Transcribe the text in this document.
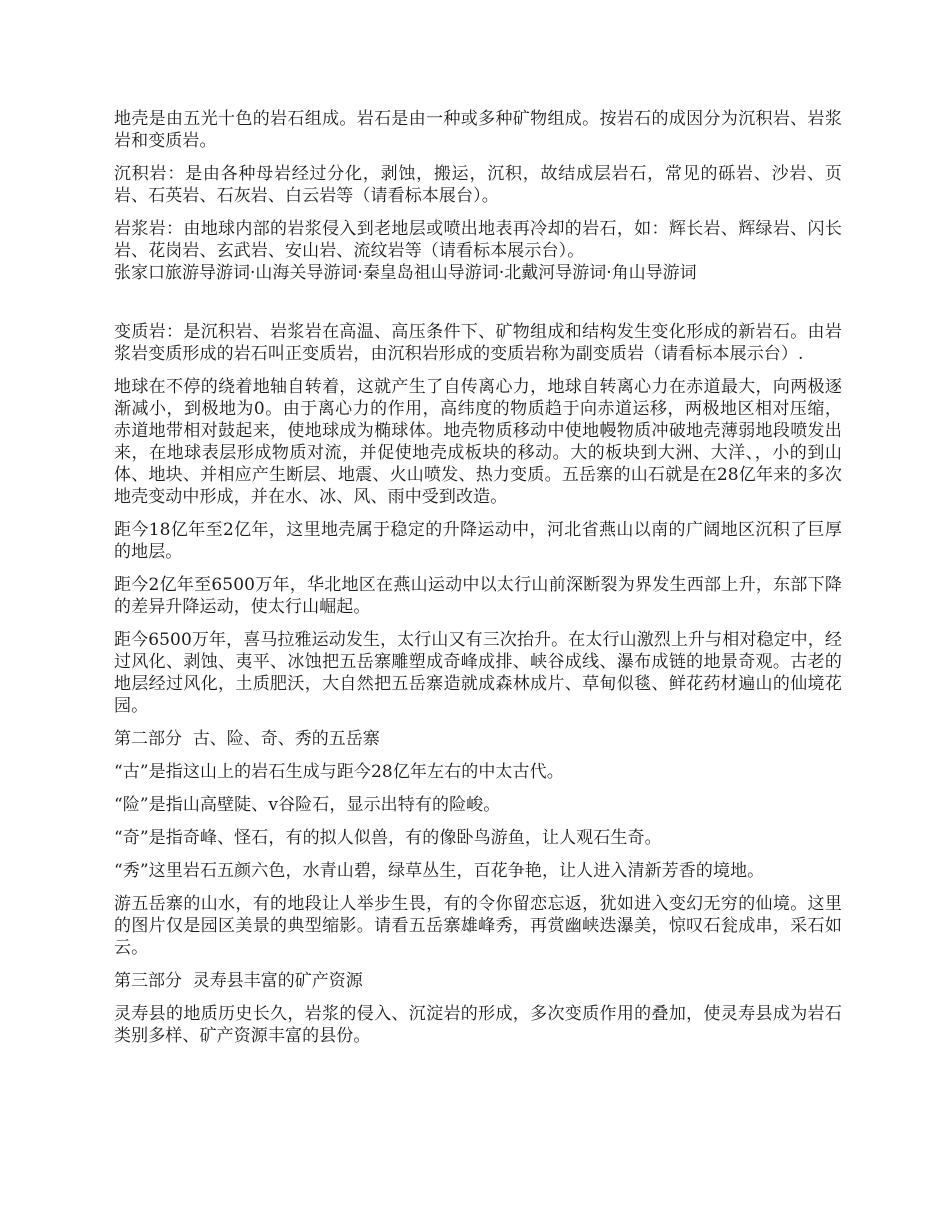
地壳是由五光十色的岩石组成。岩石是由一种或多种矿物组成。按岩石的成因分为沉积岩、岩浆岩和变质岩。

沉积岩：是由各种母岩经过分化，剥蚀，搬运，沉积，故结成层岩石，常见的砾岩、沙岩、页岩、石英岩、石灰岩、白云岩等（请看标本展台）。

岩浆岩：由地球内部的岩浆侵入到老地层或喷出地表再冷却的岩石，如：辉长岩、辉绿岩、闪长岩、花岗岩、玄武岩、安山岩、流纹岩等（请看标本展示台）。

张家口旅游导游词·山海关导游词·秦皇岛祖山导游词·北戴河导游词·角山导游词

变质岩：是沉积岩、岩浆岩在高温、高压条件下、矿物组成和结构发生变化形成的新岩石。由岩浆岩变质形成的岩石叫正变质岩，由沉积岩形成的变质岩称为副变质岩（请看标本展示台）.

地球在不停的绕着地轴自转着，这就产生了自传离心力，地球自转离心力在赤道最大，向两极逐渐减小，到极地为0。由于离心力的作用，高纬度的物质趋于向赤道运移，两极地区相对压缩，赤道地带相对鼓起来，使地球成为椭球体。地壳物质移动中使地幔物质冲破地壳薄弱地段喷发出来，在地球表层形成物质对流，并促使地壳成板块的移动。大的板块到大洲、大洋、，小的到山体、地块、并相应产生断层、地震、火山喷发、热力变质。五岳寨的山石就是在28亿年来的多次地壳变动中形成，并在水、冰、风、雨中受到改造。

距今18亿年至2亿年，这里地壳属于稳定的升降运动中，河北省燕山以南的广阔地区沉积了巨厚的地层。

距今2亿年至6500万年，华北地区在燕山运动中以太行山前深断裂为界发生西部上升，东部下降的差异升降运动，使太行山崛起。

距今6500万年，喜马拉雅运动发生，太行山又有三次抬升。在太行山激烈上升与相对稳定中，经过风化、剥蚀、夷平、冰蚀把五岳寨雕塑成奇峰成排、峡谷成线、瀑布成链的地景奇观。古老的地层经过风化，土质肥沃，大自然把五岳寨造就成森林成片、草甸似毯、鲜花药材遍山的仙境花园。

第二部分  古、险、奇、秀的五岳寨

“古”是指这山上的岩石生成与距今28亿年左右的中太古代。

“险”是指山高壁陡、v谷险石，显示出特有的险峻。

“奇”是指奇峰、怪石，有的拟人似兽，有的像卧鸟游鱼，让人观石生奇。

“秀”这里岩石五颜六色，水青山碧，绿草丛生，百花争艳，让人进入清新芳香的境地。

游五岳寨的山水，有的地段让人举步生畏，有的令你留恋忘返，犹如进入变幻无穷的仙境。这里的图片仅是园区美景的典型缩影。请看五岳寨雄峰秀，再赏幽峡迭瀑美，惊叹石瓮成串，采石如云。

第三部分  灵寿县丰富的矿产资源

灵寿县的地质历史长久，岩浆的侵入、沉淀岩的形成，多次变质作用的叠加，使灵寿县成为岩石类别多样、矿产资源丰富的县份。
